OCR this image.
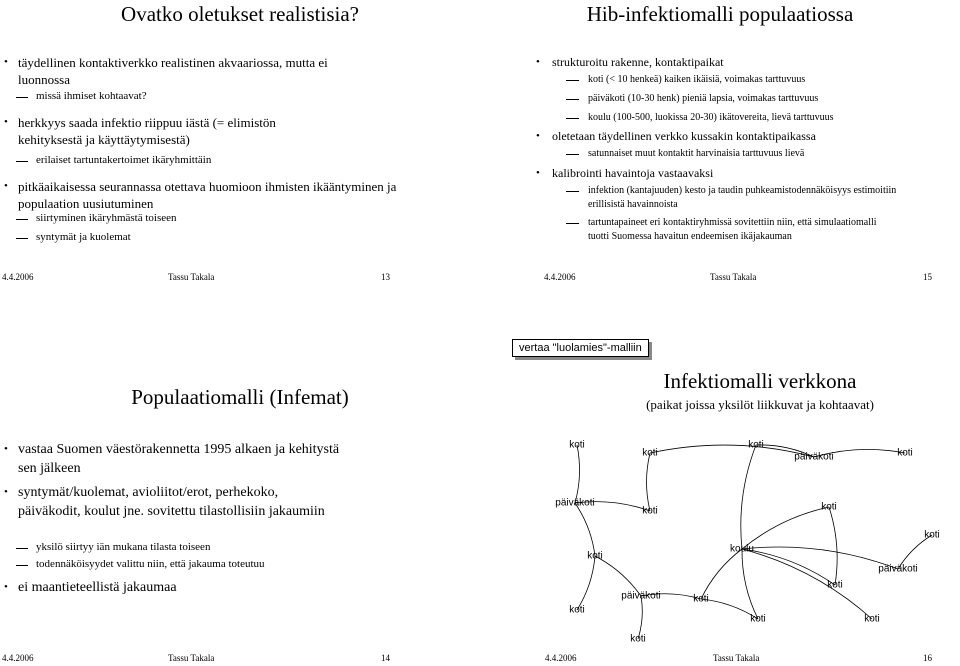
Ovatko oletukset realistisia?
• täydellinen kontaktiverkko realistinen akvaariossa, mutta ei luonnossa
missä ihmiset kohtaavat?
• herkkyys saada infektio riippuu iästä (= elimistön kehityksestä ja käyttäytymisestä)
erilaiset tartuntakertoimet ikäryhmittäin
• pitkäaikaisessa seurannassa otettava huomioon ihmisten ikääntyminen ja populaation uusiutuminen
siirtyminen ikäryhmästä toiseen
syntymät ja kuolemat
4.4.2006	Tassu Takala	13
Hib-infektiomalli populaatiossa
• strukturoitu rakenne, kontaktipaikat
koti (< 10 henkeä) kaiken ikäisiä, voimakas tarttuvuus
päiväkoti (10-30 henk) pieniä lapsia, voimakas tarttuvuus
koulu (100-500, luokissa 20-30) ikätovereita, lievä tarttuvuus
• oletetaan täydellinen verkko kussakin kontaktipaikassa
satunnaiset muut kontaktit harvinaisia tarttuvuus lievä
• kalibrointi havaintoja vastaavaksi
infektion (kantajuuden) kesto ja taudin puhkeamistodennäköisyys estimoitiin erillisistä havainnoista
tartuntapaineet eri kontaktiryhmissä sovitettiin niin, että simulaatiomalli tuotti Suomessa havaitun endeemisen ikäjakauman
4.4.2006	Tassu Takala	15
Populaatiomalli (Infemat)
• vastaa Suomen väestörakennetta 1995 alkaen ja kehitystä sen jälkeen
• syntymät/kuolemat, avioliitot/erot, perhekoko, päiväkodit, koulut jne. sovitettu tilastollisiin jakaumiin
yksilö siirtyy iän mukana tilasta toiseen
todennäköisyydet valittu niin, että jakauma toteutuu
• ei maantieteellistä jakaumaa
4.4.2006	Tassu Takala	14
vertaa "luolamies"-malliin
Infektiomalli verkkona
(paikat joissa yksilöt liikkuvat ja kohtaavat)
koti
koti
koti
päiväkoti	koti
päiväkoti
koti	koti
koti
koulu
koti
koti
päiväkoti
koti
päiväkoti	koti
koti	koti
koti
4.4.2006	Tassu Takala	16
